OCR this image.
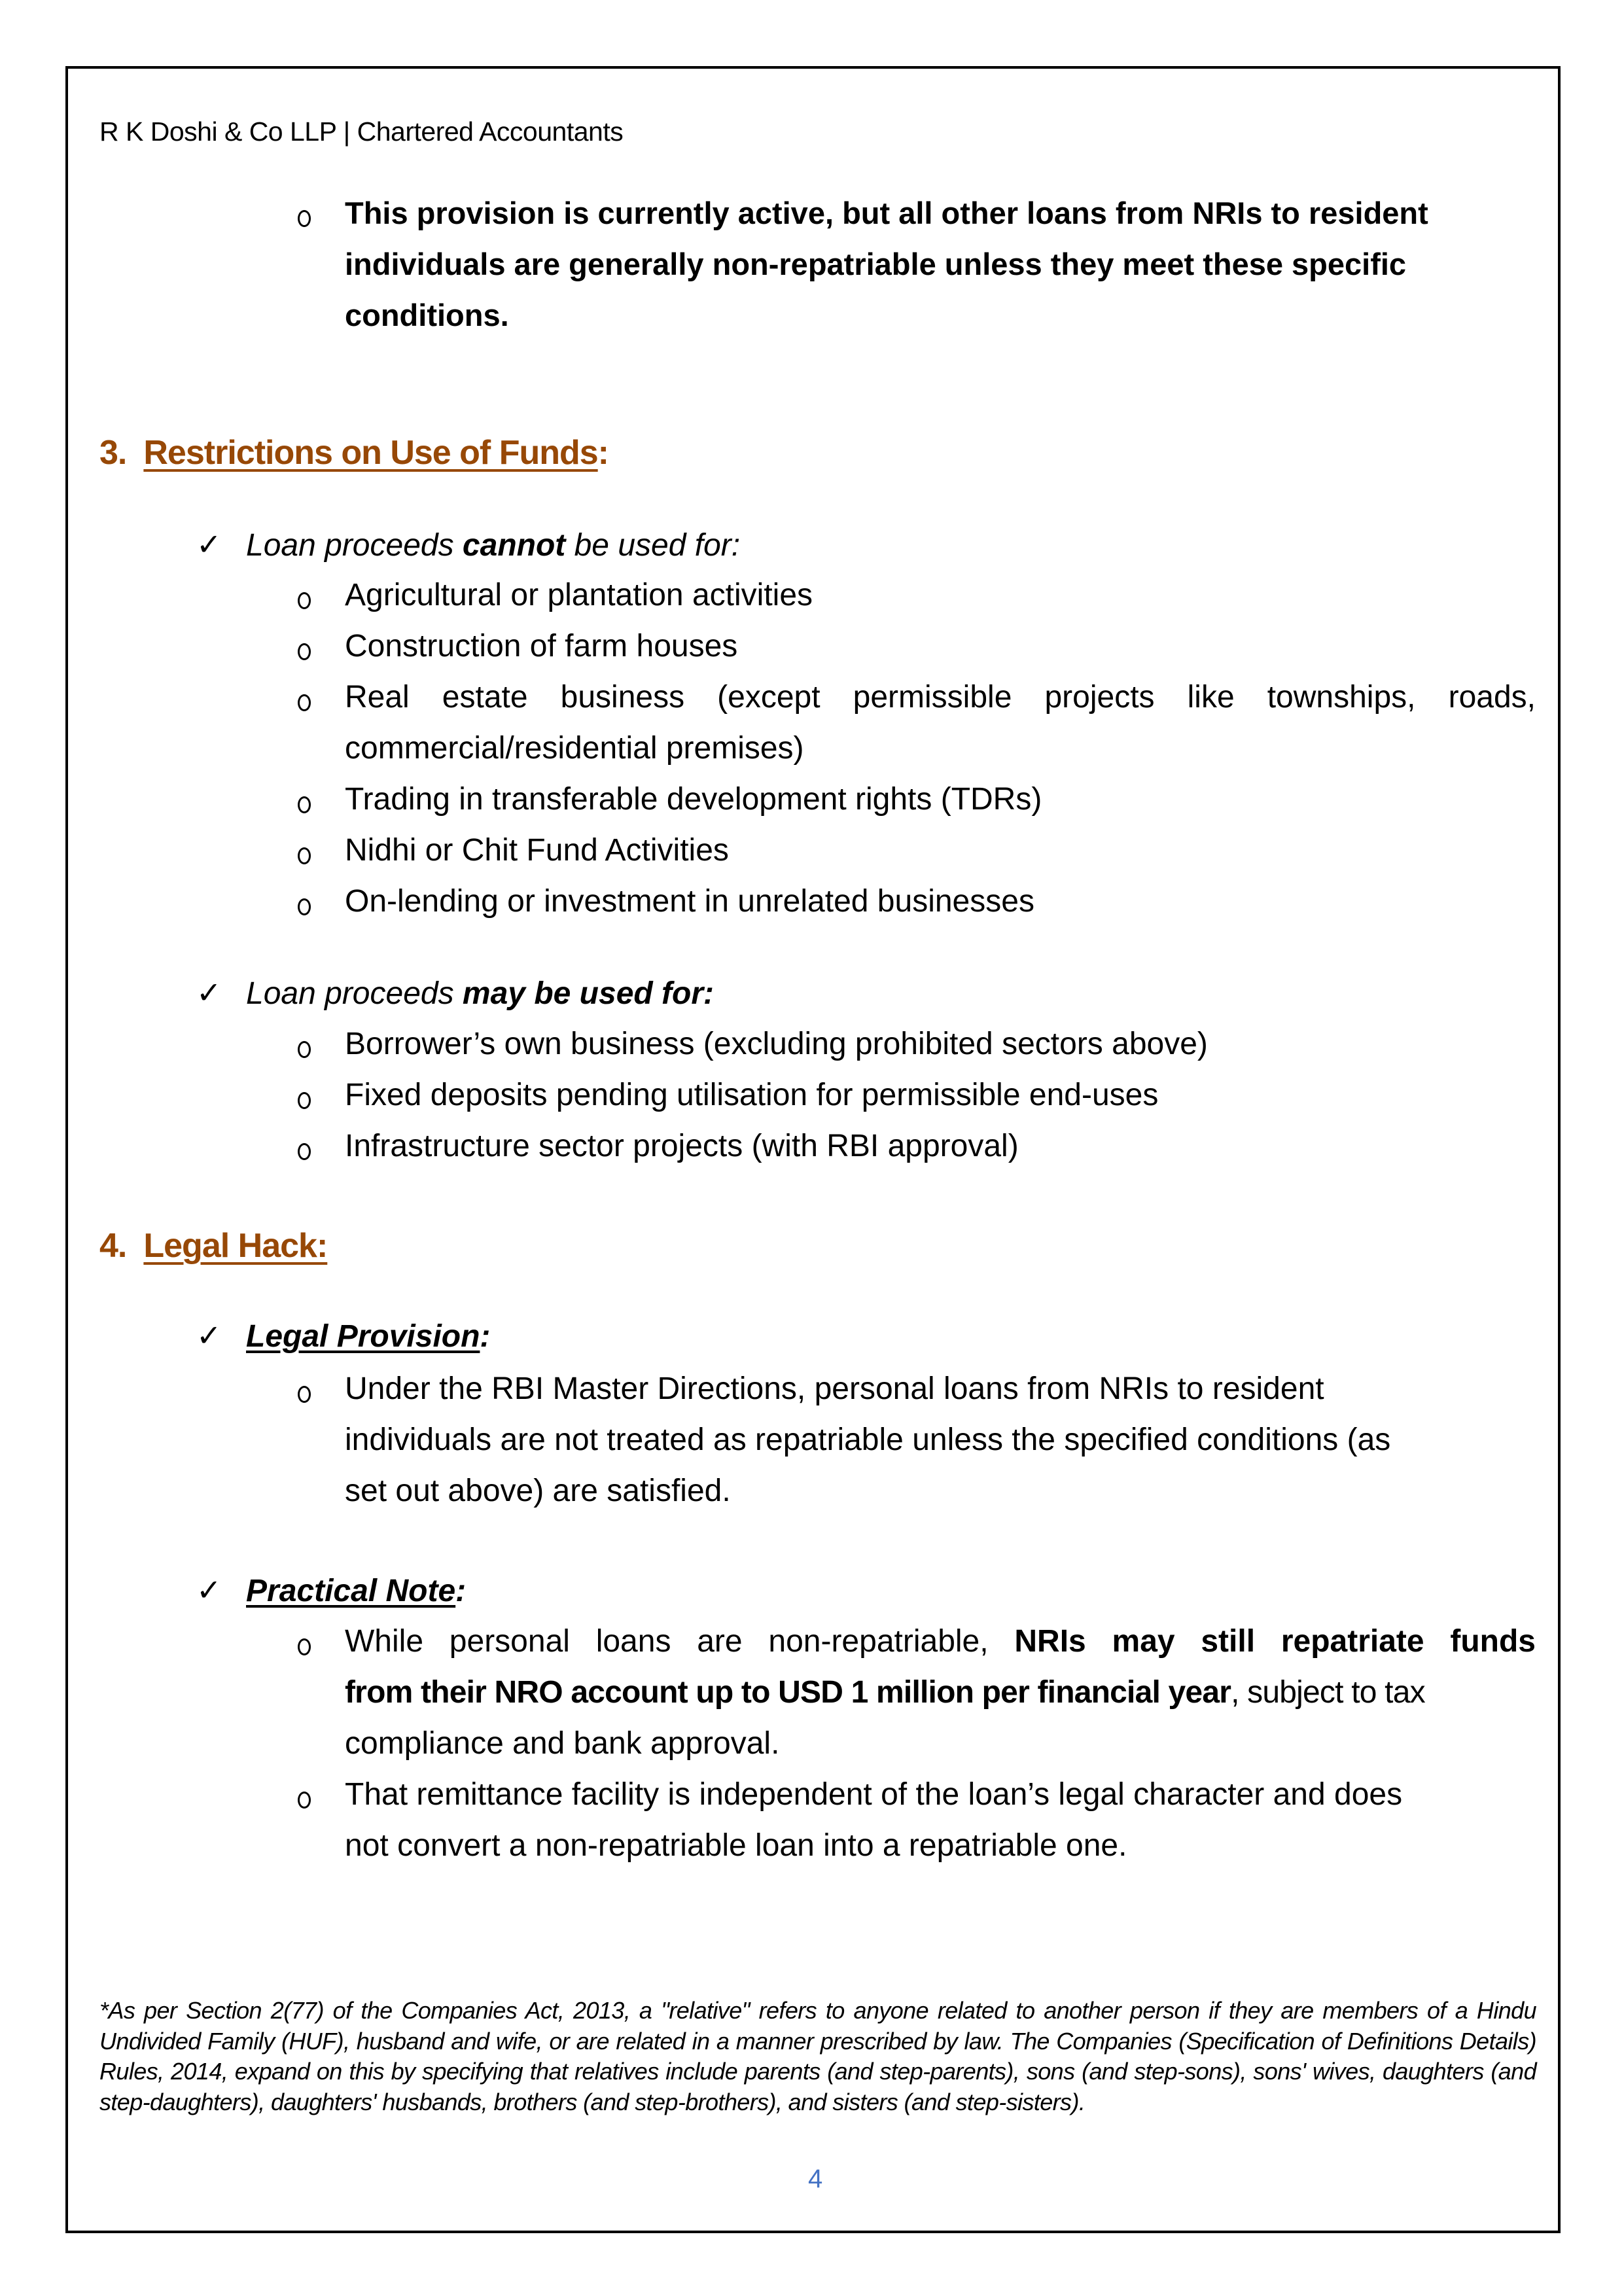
R K Doshi & Co LLP | Chartered Accountants
This provision is currently active, but all other loans from NRIs to resident
individuals are generally non-repatriable unless they meet these specific
conditions.
3. Restrictions on Use of Funds:
✓ Loan proceeds cannot be used for:
Agricultural or plantation activities
Construction of farm houses
Real estate business (except permissible projects like townships, roads,
commercial/residential premises)
Trading in transferable development rights (TDRs)
Nidhi or Chit Fund Activities
On-lending or investment in unrelated businesses
✓ Loan proceeds may be used for:
Borrower’s own business (excluding prohibited sectors above)
Fixed deposits pending utilisation for permissible end-uses
Infrastructure sector projects (with RBI approval)
4. Legal Hack:
✓ Legal Provision:
Under the RBI Master Directions, personal loans from NRIs to resident
individuals are not treated as repatriable unless the specified conditions (as
set out above) are satisfied.
✓ Practical Note:
While personal loans are non-repatriable, NRIs may still repatriate funds
from their NRO account up to USD 1 million per financial year, subject to tax
compliance and bank approval.
That remittance facility is independent of the loan’s legal character and does
not convert a non-repatriable loan into a repatriable one.
*As per Section 2(77) of the Companies Act, 2013, a "relative" refers to anyone related to another person if they are members of a Hindu Undivided Family (HUF), husband and wife, or are related in a manner prescribed by law. The Companies (Specification of Definitions Details) Rules, 2014, expand on this by specifying that relatives include parents (and step-parents), sons (and step-sons), sons' wives, daughters (and step-daughters), daughters' husbands, brothers (and step-brothers), and sisters (and step-sisters).
4
